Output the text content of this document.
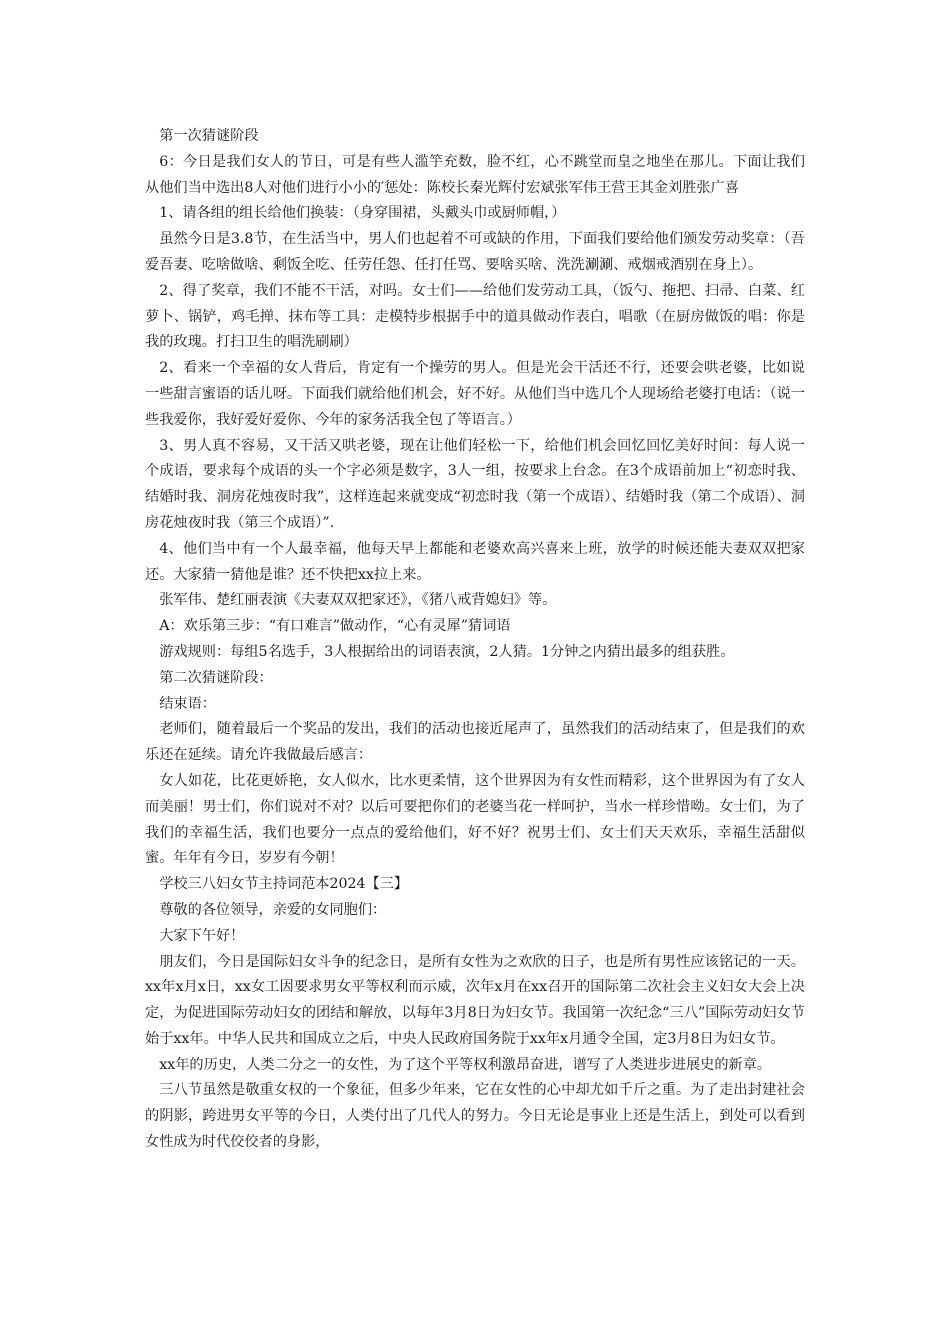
第一次猜谜阶段

6：今日是我们女人的节日，可是有些人滥竽充数，脸不红，心不跳堂而皇之地坐在那儿。下面让我们从他们当中选出8人对他们进行小小的′惩处：陈校长秦光辉付宏斌张军伟王营王其金刘胜张广喜

1、请各组的组长给他们换装：（身穿围裙，头戴头巾或厨师帽，）

虽然今日是3.8节，在生活当中，男人们也起着不可或缺的作用，下面我们要给他们颁发劳动奖章：（吾爱吾妻、吃啥做啥、剩饭全吃、任劳任怨、任打任骂、要啥买啥、洗洗涮涮、戒烟戒酒别在身上）。

2、得了奖章，我们不能不干活，对吗。女士们——给他们发劳动工具，（饭勺、拖把、扫帚、白菜、红萝卜、锅铲，鸡毛掸、抹布等工具：走模特步根据手中的道具做动作表白，唱歌（在厨房做饭的唱：你是我的玫瑰。打扫卫生的唱洗刷刷）

2、看来一个幸福的女人背后，肯定有一个操劳的男人。但是光会干活还不行，还要会哄老婆，比如说一些甜言蜜语的话儿呀。下面我们就给他们机会，好不好。从他们当中选几个人现场给老婆打电话：（说一些我爱你，我好爱好爱你、今年的家务活我全包了等语言。）

3、男人真不容易，又干活又哄老婆，现在让他们轻松一下，给他们机会回忆回忆美好时间：每人说一个成语，要求每个成语的头一个字必须是数字，3人一组，按要求上台念。在3个成语前加上“初恋时我、结婚时我、洞房花烛夜时我”，这样连起来就变成“初恋时我（第一个成语）、结婚时我（第二个成语）、洞房花烛夜时我（第三个成语）”.

4、他们当中有一个人最幸福，他每天早上都能和老婆欢高兴喜来上班，放学的时候还能夫妻双双把家还。大家猜一猜他是谁？还不快把xx拉上来。

张军伟、楚红丽表演《夫妻双双把家还》，《猪八戒背媳妇》等。

A：欢乐第三步：“有口难言”做动作，“心有灵犀”猜词语

游戏规则：每组5名选手，3人根据给出的词语表演，2人猜。1分钟之内猜出最多的组获胜。

第二次猜谜阶段：

结束语：

老师们，随着最后一个奖品的发出，我们的活动也接近尾声了，虽然我们的活动结束了，但是我们的欢乐还在延续。请允许我做最后感言：

女人如花，比花更娇艳，女人似水，比水更柔情，这个世界因为有女性而精彩，这个世界因为有了女人而美丽！男士们，你们说对不对？以后可要把你们的老婆当花一样呵护，当水一样珍惜呦。女士们，为了我们的幸福生活，我们也要分一点点的爱给他们，好不好？祝男士们、女士们天天欢乐，幸福生活甜似蜜。年年有今日，岁岁有今朝！

学校三八妇女节主持词范本2024【三】

尊敬的各位领导，亲爱的女同胞们：

大家下午好！

朋友们，今日是国际妇女斗争的纪念日，是所有女性为之欢欣的日子，也是所有男性应该铭记的一天。xx年x月x日，xx女工因要求男女平等权利而示威，次年x月在xx召开的国际第二次社会主义妇女大会上决定，为促进国际劳动妇女的团结和解放，以每年3月8日为妇女节。我国第一次纪念“三八”国际劳动妇女节始于xx年。中华人民共和国成立之后，中央人民政府国务院于xx年x月通令全国，定3月8日为妇女节。

xx年的历史，人类二分之一的女性，为了这个平等权利激昂奋进，谱写了人类进步进展史的新章。

三八节虽然是敬重女权的一个象征，但多少年来，它在女性的心中却尤如千斤之重。为了走出封建社会的阴影，跨进男女平等的今日，人类付出了几代人的努力。今日无论是事业上还是生活上，到处可以看到女性成为时代佼佼者的身影，
